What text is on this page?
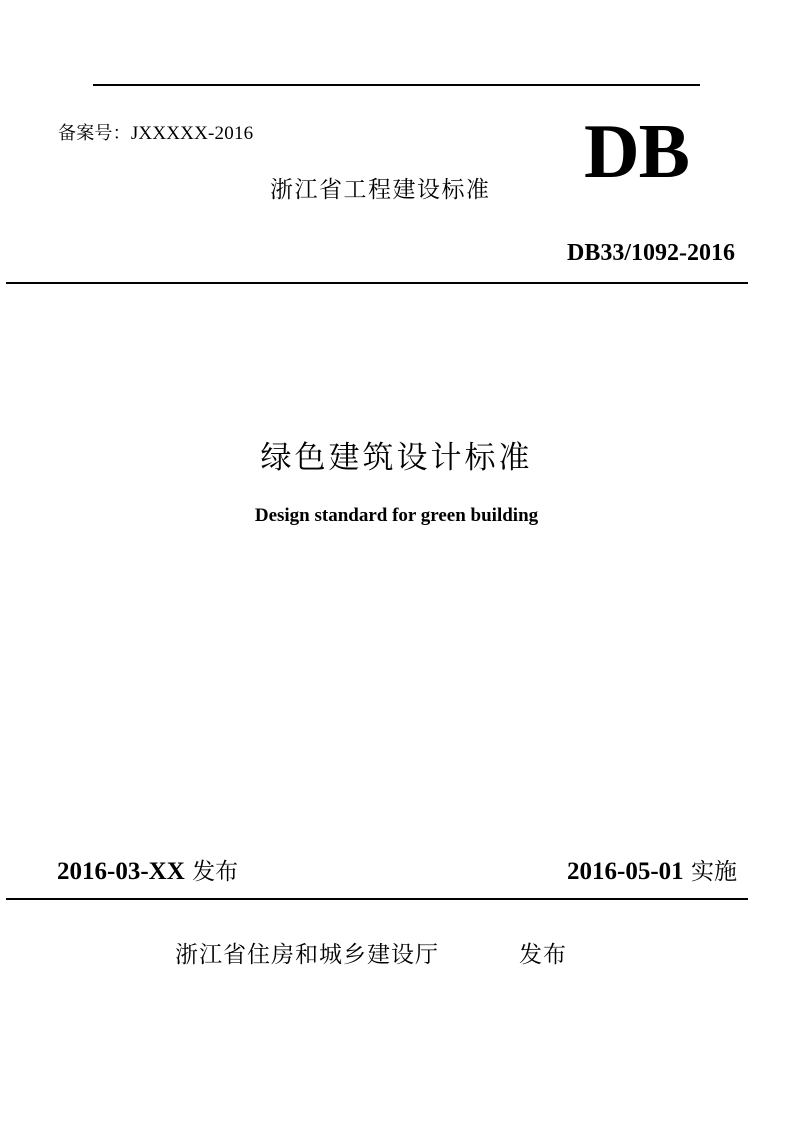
备案号：JXXXXX-2016

浙江省工程建设标准 DB

DB33/1092-2016

绿色建筑设计标准

Design standard for green building

2016-03-XX 发布	2016-05-01 实施

浙江省住房和城乡建设厅	发布
